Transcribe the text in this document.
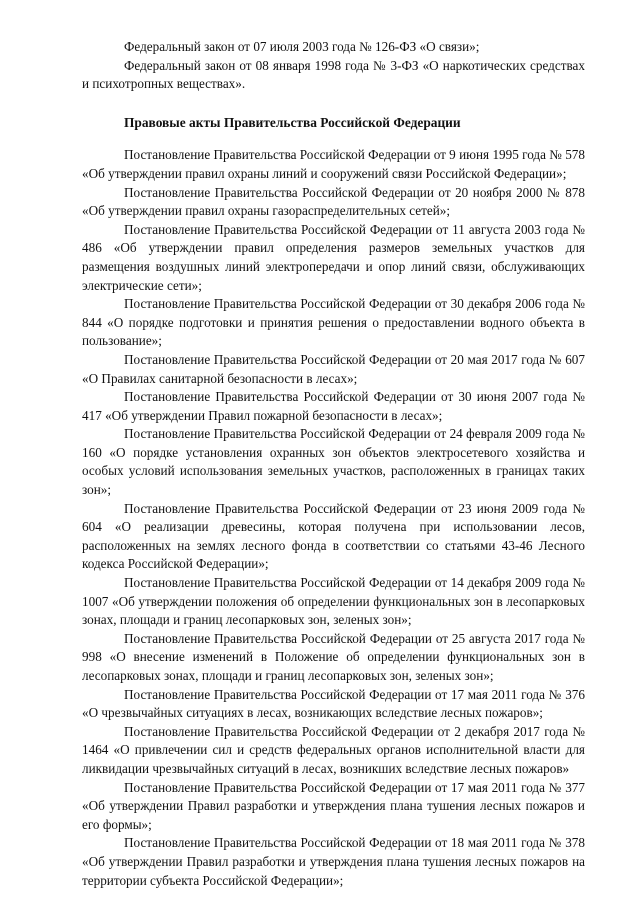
Федеральный закон от 07 июля 2003 года № 126-ФЗ «О связи»;

Федеральный закон от 08 января 1998 года № 3-ФЗ «О наркотических средствах и психотропных веществах».

Правовые акты Правительства Российской Федерации

Постановление Правительства Российской Федерации от 9 июня 1995 года № 578 «Об утверждении правил охраны линий и сооружений связи Российской Федерации»;

Постановление Правительства Российской Федерации от 20 ноября 2000 № 878 «Об утверждении правил охраны газораспределительных сетей»;

Постановление Правительства Российской Федерации от 11 августа 2003 года № 486 «Об утверждении правил определения размеров земельных участков для размещения воздушных линий электропередачи и опор линий связи, обслуживающих электрические сети»;

Постановление Правительства Российской Федерации от 30 декабря 2006 года № 844 «О порядке подготовки и принятия решения о предоставлении водного объекта в пользование»;

Постановление Правительства Российской Федерации от 20 мая 2017 года № 607 «О Правилах санитарной безопасности в лесах»;

Постановление Правительства Российской Федерации от 30 июня 2007 года № 417 «Об утверждении Правил пожарной безопасности в лесах»;

Постановление Правительства Российской Федерации от 24 февраля 2009 года № 160 «О порядке установления охранных зон объектов электросетевого хозяйства и особых условий использования земельных участков, расположенных в границах таких зон»;

Постановление Правительства Российской Федерации от 23 июня 2009 года № 604 «О реализации древесины, которая получена при использовании лесов, расположенных на землях лесного фонда в соответствии со статьями 43-46 Лесного кодекса Российской Федерации»;

Постановление Правительства Российской Федерации от 14 декабря 2009 года № 1007 «Об утверждении положения об определении функциональных зон в лесопарковых зонах, площади и границ лесопарковых зон, зеленых зон»;

Постановление Правительства Российской Федерации от 25 августа 2017 года № 998 «О внесение изменений в Положение об определении функциональных зон в лесопарковых зонах, площади и границ лесопарковых зон, зеленых зон»;

Постановление Правительства Российской Федерации от 17 мая 2011 года № 376 «О чрезвычайных ситуациях в лесах, возникающих вследствие лесных пожаров»;

Постановление Правительства Российской Федерации от 2 декабря 2017 года № 1464 «О привлечении сил и средств федеральных органов исполнительной власти для ликвидации чрезвычайных ситуаций в лесах, возникших вследствие лесных пожаров»

Постановление Правительства Российской Федерации от 17 мая 2011 года № 377 «Об утверждении Правил разработки и утверждения плана тушения лесных пожаров и его формы»;

Постановление Правительства Российской Федерации от 18 мая 2011 года № 378 «Об утверждении Правил разработки и утверждения плана тушения лесных пожаров на территории субъекта Российской Федерации»;
